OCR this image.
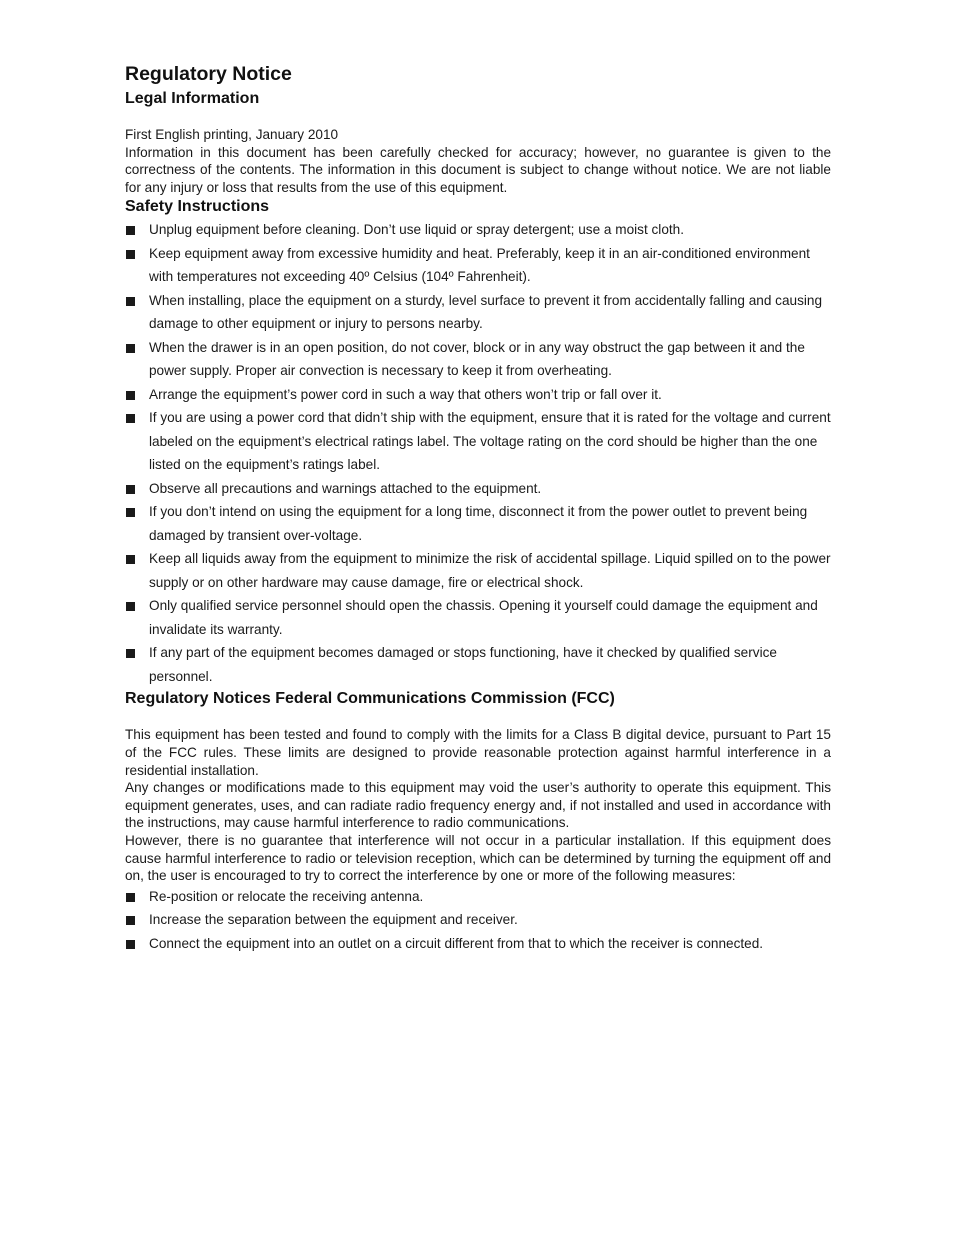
Regulatory Notice
Legal Information

First English printing, January 2010

Information in this document has been carefully checked for accuracy; however, no guarantee is given to the correctness of the contents. The information in this document is subject to change without notice. We are not liable for any injury or loss that results from the use of this equipment.

Safety Instructions
Unplug equipment before cleaning. Don’t use liquid or spray detergent; use a moist cloth.
Keep equipment away from excessive humidity and heat. Preferably, keep it in an air-conditioned environment with temperatures not exceeding 40º Celsius (104º Fahrenheit).
When installing, place the equipment on a sturdy, level surface to prevent it from accidentally falling and causing damage to other equipment or injury to persons nearby.
When the drawer is in an open position, do not cover, block or in any way obstruct the gap between it and the power supply. Proper air convection is necessary to keep it from overheating.
Arrange the equipment’s power cord in such a way that others won’t trip or fall over it.
If you are using a power cord that didn’t ship with the equipment, ensure that it is rated for the voltage and current labeled on the equipment’s electrical ratings label. The voltage rating on the cord should be higher than the one listed on the equipment’s ratings label.
Observe all precautions and warnings attached to the equipment.
If you don’t intend on using the equipment for a long time, disconnect it from the power outlet to prevent being damaged by transient over-voltage.
Keep all liquids away from the equipment to minimize the risk of accidental spillage. Liquid spilled on to the power supply or on other hardware may cause damage, fire or electrical shock.
Only qualified service personnel should open the chassis. Opening it yourself could damage the equipment and invalidate its warranty.
If any part of the equipment becomes damaged or stops functioning, have it checked by qualified service personnel.
Regulatory Notices Federal Communications Commission (FCC)

This equipment has been tested and found to comply with the limits for a Class B digital device, pursuant to Part 15 of the FCC rules. These limits are designed to provide reasonable protection against harmful interference in a residential installation.

Any changes or modifications made to this equipment may void the user’s authority to operate this equipment. This equipment generates, uses, and can radiate radio frequency energy and, if not installed and used in accordance with the instructions, may cause harmful interference to radio communications.

However, there is no guarantee that interference will not occur in a particular installation. If this equipment does cause harmful interference to radio or television reception, which can be determined by turning the equipment off and on, the user is encouraged to try to correct the interference by one or more of the following measures:

Re-position or relocate the receiving antenna.
Increase the separation between the equipment and receiver.
Connect the equipment into an outlet on a circuit different from that to which the receiver is connected.
